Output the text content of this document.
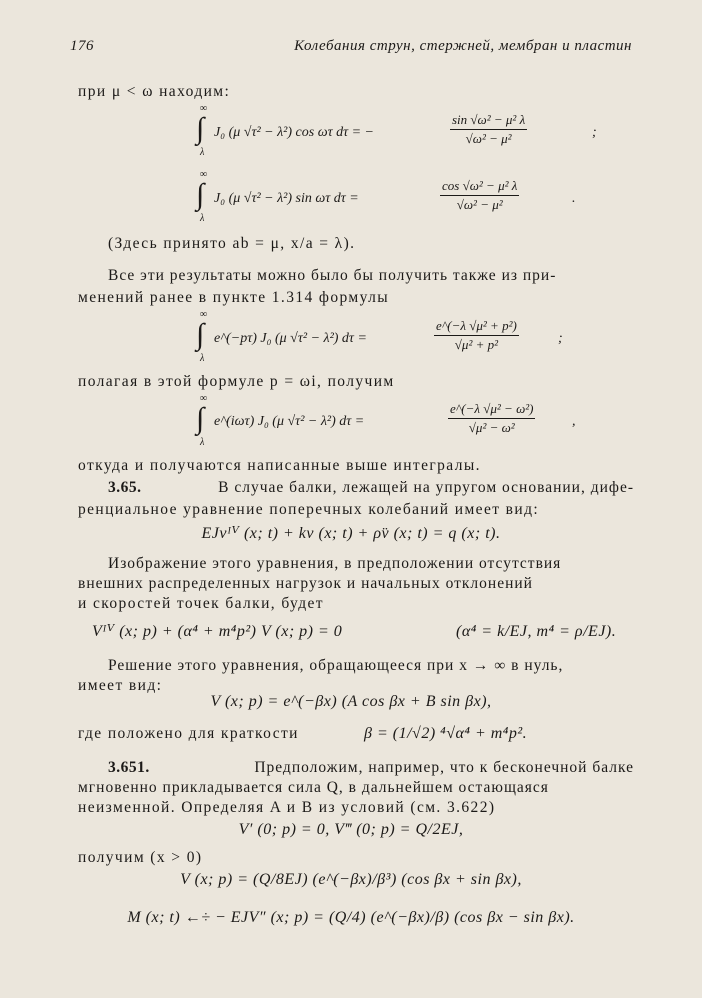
176	Колебания струн, стержней, мембран и пластин
при μ < ω находим:
∞
∫
λ
J₀ (μ √τ² − λ²) cos ωτ dτ = −	$\frac{\text{sin √ω² − μ² λ}}{\text{√ω² − μ²}}$	;
∞
∫
λ
J₀ (μ √τ² − λ²) sin ωτ dτ =	$\frac{\text{cos √ω² − μ² λ}}{\text{√ω² − μ²}}$	.
(Здесь принято ab = μ, x/a = λ).
Все эти результаты можно было бы получить также из при-
менений ранее в пункте 1.314 формулы
∞
∫
λ
e^(−pτ) J₀ (μ √τ² − λ²) dτ =	$\frac{\text{e\textasciicircum{}(−λ √μ² + p²)}}{\text{√μ² + p²}}$	;
полагая в этой формуле p = ωi, получим
∞
∫
λ
e^(iωτ) J₀ (μ √τ² − λ²) dτ =	$\frac{\text{e\textasciicircum{}(−λ √μ² − ω²)}}{\text{√μ² − ω²}}$	,
откуда и получаются написанные выше интегралы.
3.65.	В случае балки, лежащей на упругом основании, дифе-
ренциальное уравнение поперечных колебаний имеет вид:
EJvᴵⱽ (x; t) + kv (x; t) + ρv̈ (x; t) = q (x; t).
Изображение этого уравнения, в предположении отсутствия
внешних распределенных нагрузок и начальных отклонений
и скоростей точек балки, будет
Vᴵⱽ (x; p) + (α⁴ + m⁴p²) V (x; p) = 0	(α⁴ = k/EJ, m⁴ = ρ/EJ).
Решение этого уравнения, обращающееся при x → ∞ в нуль,
имеет вид:
V (x; p) = e^(−βx) (A cos βx + B sin βx),
где положено для краткости	β = (1/√2) ⁴√α⁴ + m⁴p².
3.651.	Предположим, например, что к бесконечной балке
мгновенно прикладывается сила Q, в дальнейшем остающаяся
неизменной. Определяя A и B из условий (см. 3.622)
V′ (0; p) = 0, V‴ (0; p) = Q/2EJ,
получим (x > 0)
V (x; p) = (Q/8EJ) (e^(−βx)/β³) (cos βx + sin βx),
M (x; t) ←÷ − EJV″ (x; p) = (Q/4) (e^(−βx)/β) (cos βx − sin βx).
